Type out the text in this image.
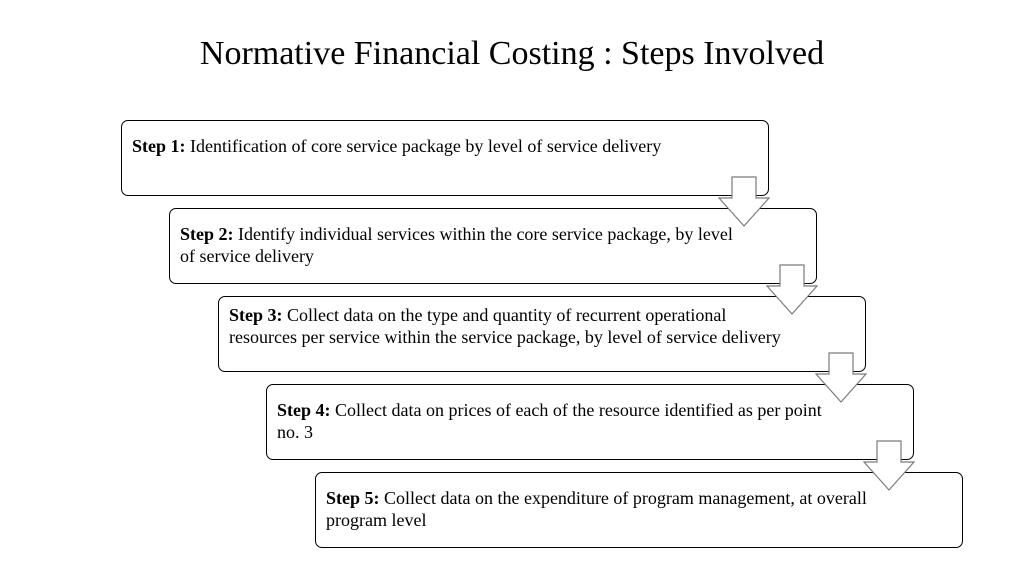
Normative Financial Costing : Steps Involved
Step 1: Identification of core service package by level of service delivery
Step 2: Identify individual services within the core service package, by level of service delivery
Step 3: Collect data on the type and quantity of recurrent operational resources per service within the service package, by level of service delivery
Step 4: Collect data on prices of each of the resource identified as per point no. 3
Step 5: Collect data on the expenditure of program management, at overall program level
